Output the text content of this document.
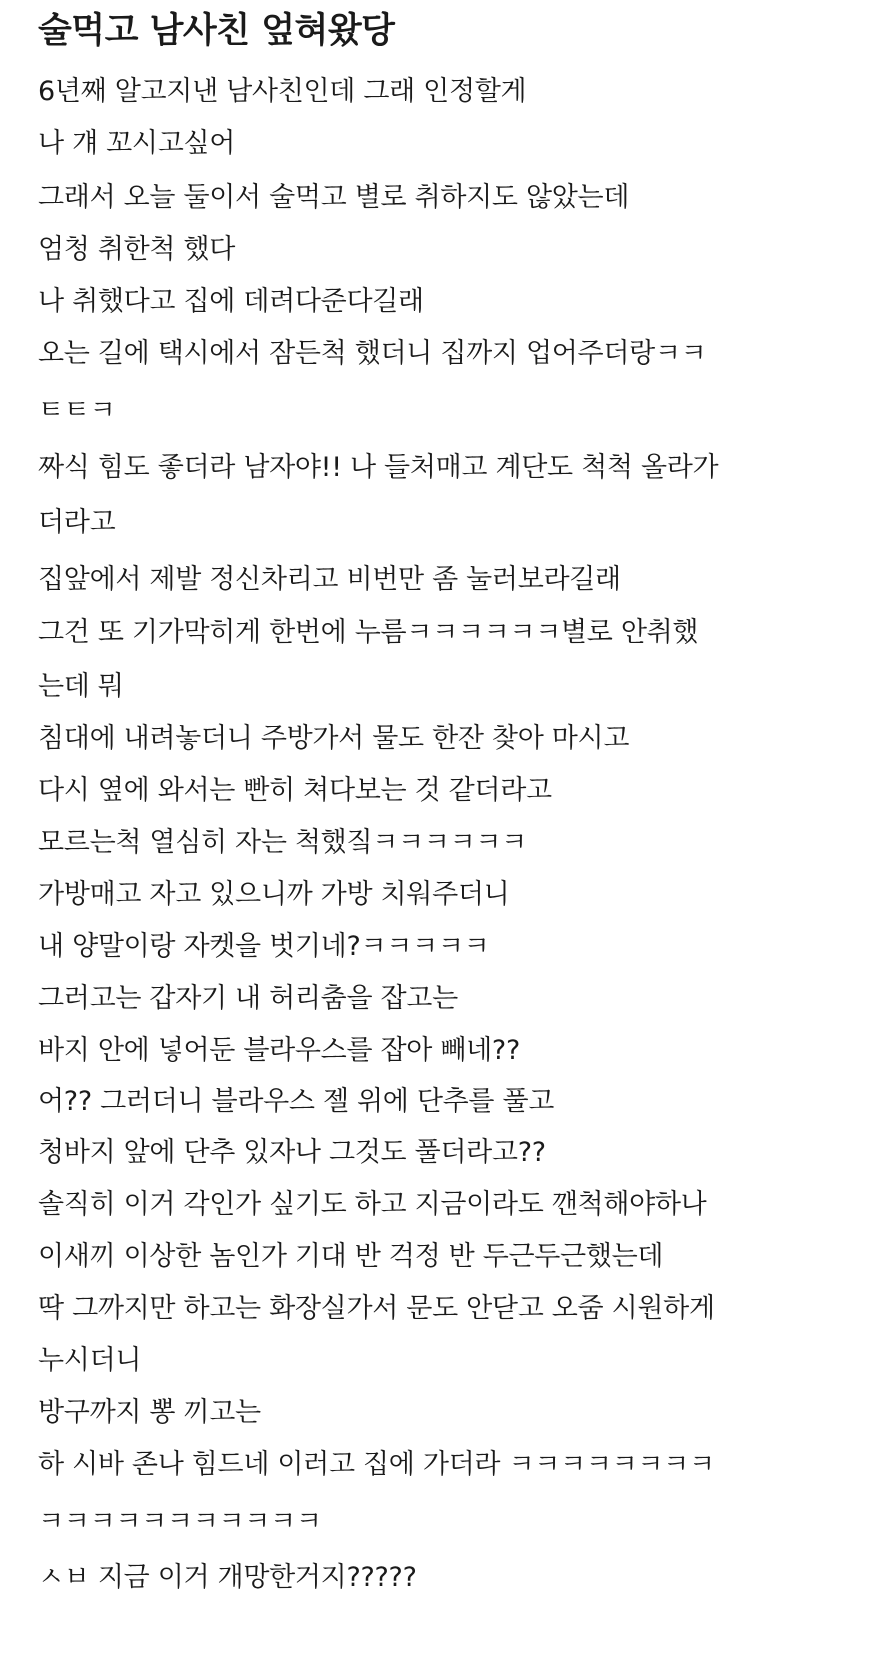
술먹고 남사친 엎혀왔당
6년째 알고지낸 남사친인데 그래 인정할게
나 걔 꼬시고싶어
그래서 오늘 둘이서 술먹고 별로 취하지도 않았는데
엄청 취한척 했다
나 취했다고 집에 데려다준다길래
오는 길에 택시에서 잠든척 했더니 집까지 업어주더랑ㅋㅋ
ㅌㅌㅋ
짜식 힘도 좋더라 남자야!! 나 들처매고 계단도 척척 올라가
더라고
집앞에서 제발 정신차리고 비번만 좀 눌러보라길래
그건 또 기가막히게 한번에 누름ㅋㅋㅋㅋㅋㅋ별로 안취했
는데 뭐
침대에 내려놓더니 주방가서 물도 한잔 찾아 마시고
다시 옆에 와서는 빤히 쳐다보는 것 같더라고
모르는척 열심히 자는 척했짘ㅋㅋㅋㅋㅋㅋ
가방매고 자고 있으니까 가방 치워주더니
내 양말이랑 자켓을 벗기네?ㅋㅋㅋㅋㅋ
그러고는 갑자기 내 허리춤을 잡고는
바지 안에 넣어둔 블라우스를 잡아 빼네??
어?? 그러더니 블라우스 젤 위에 단추를 풀고
청바지 앞에 단추 있자나 그것도 풀더라고??
솔직히 이거 각인가 싶기도 하고 지금이라도 깬척해야하나
이새끼 이상한 놈인가 기대 반 걱정 반 두근두근했는데
딱 그까지만 하고는 화장실가서 문도 안닫고 오줌 시원하게
누시더니
방구까지 뽕 끼고는
하 시바 존나 힘드네 이러고 집에 가더라 ㅋㅋㅋㅋㅋㅋㅋㅋ
ㅋㅋㅋㅋㅋㅋㅋㅋㅋㅋㅋ
ㅅㅂ 지금 이거 개망한거지?????
